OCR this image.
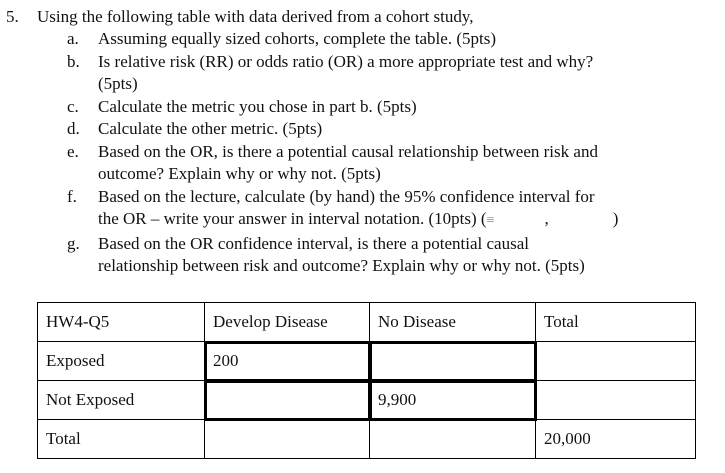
5. Using the following table with data derived from a cohort study,
a.	Assuming equally sized cohorts, complete the table. (5pts)
b.	Is relative risk (RR) or odds ratio (OR) a more appropriate test and why?
(5pts)
c.	Calculate the metric you chose in part b. (5pts)
d.	Calculate the other metric. (5pts)
e.	Based on the OR, is there a potential causal relationship between risk and
outcome? Explain why or why not. (5pts)
f.	Based on the lecture, calculate (by hand) the 95% confidence interval for
the OR – write your answer in interval notation. (10pts) (≡	,	)
g.	Based on the OR confidence interval, is there a potential causal
relationship between risk and outcome? Explain why or why not. (5pts)
HW4-Q5	Develop Disease	No Disease	Total
Exposed	200		
Not Exposed		9,900	
Total			20,000
